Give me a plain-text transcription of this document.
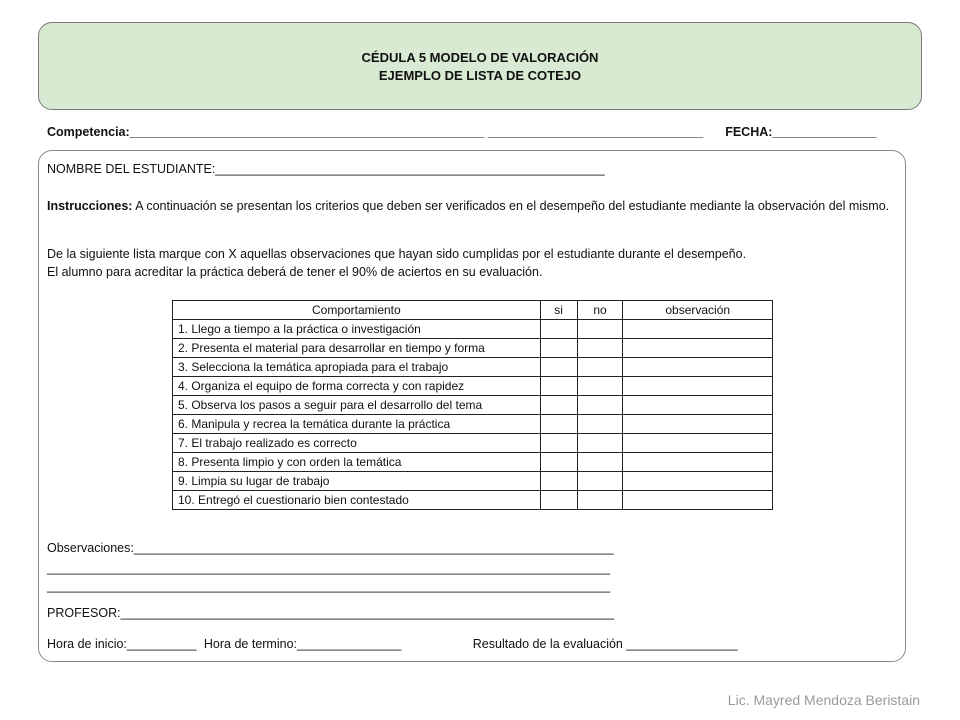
CÉDULA 5 MODELO DE VALORACIÓN
EJEMPLO DE LISTA DE COTEJO
Competencia:___________________________________________________ _______________________________ FECHA:_______________
NOMBRE DEL ESTUDIANTE:________________________________________________________
Instrucciones: A continuación se presentan los criterios que deben ser verificados en el desempeño del estudiante mediante la observación del mismo.
De la siguiente lista marque con X aquellas observaciones que hayan sido cumplidas por el estudiante durante el desempeño.
El alumno para acreditar la práctica deberá de tener el 90% de aciertos en su evaluación.
Comportamiento	si	no	observación
1. Llego a tiempo a la práctica o investigación			
2. Presenta el material para desarrollar en tiempo y forma			
3. Selecciona la temática apropiada para el trabajo			
4. Organiza el equipo de forma correcta y con rapidez			
5. Observa los pasos a seguir para el desarrollo del tema			
6. Manipula y recrea la temática durante la práctica			
7. El trabajo realizado es correcto			
8. Presenta limpio y con orden la temática			
9. Limpia su lugar de trabajo			
10. Entregó el cuestionario bien contestado			
Observaciones:_____________________________________________________________________
_________________________________________________________________________________
_________________________________________________________________________________
PROFESOR:_______________________________________________________________________
Hora de inicio:__________ Hora de termino:_______________	Resultado de la evaluación ________________
Lic. Mayred Mendoza Beristain
